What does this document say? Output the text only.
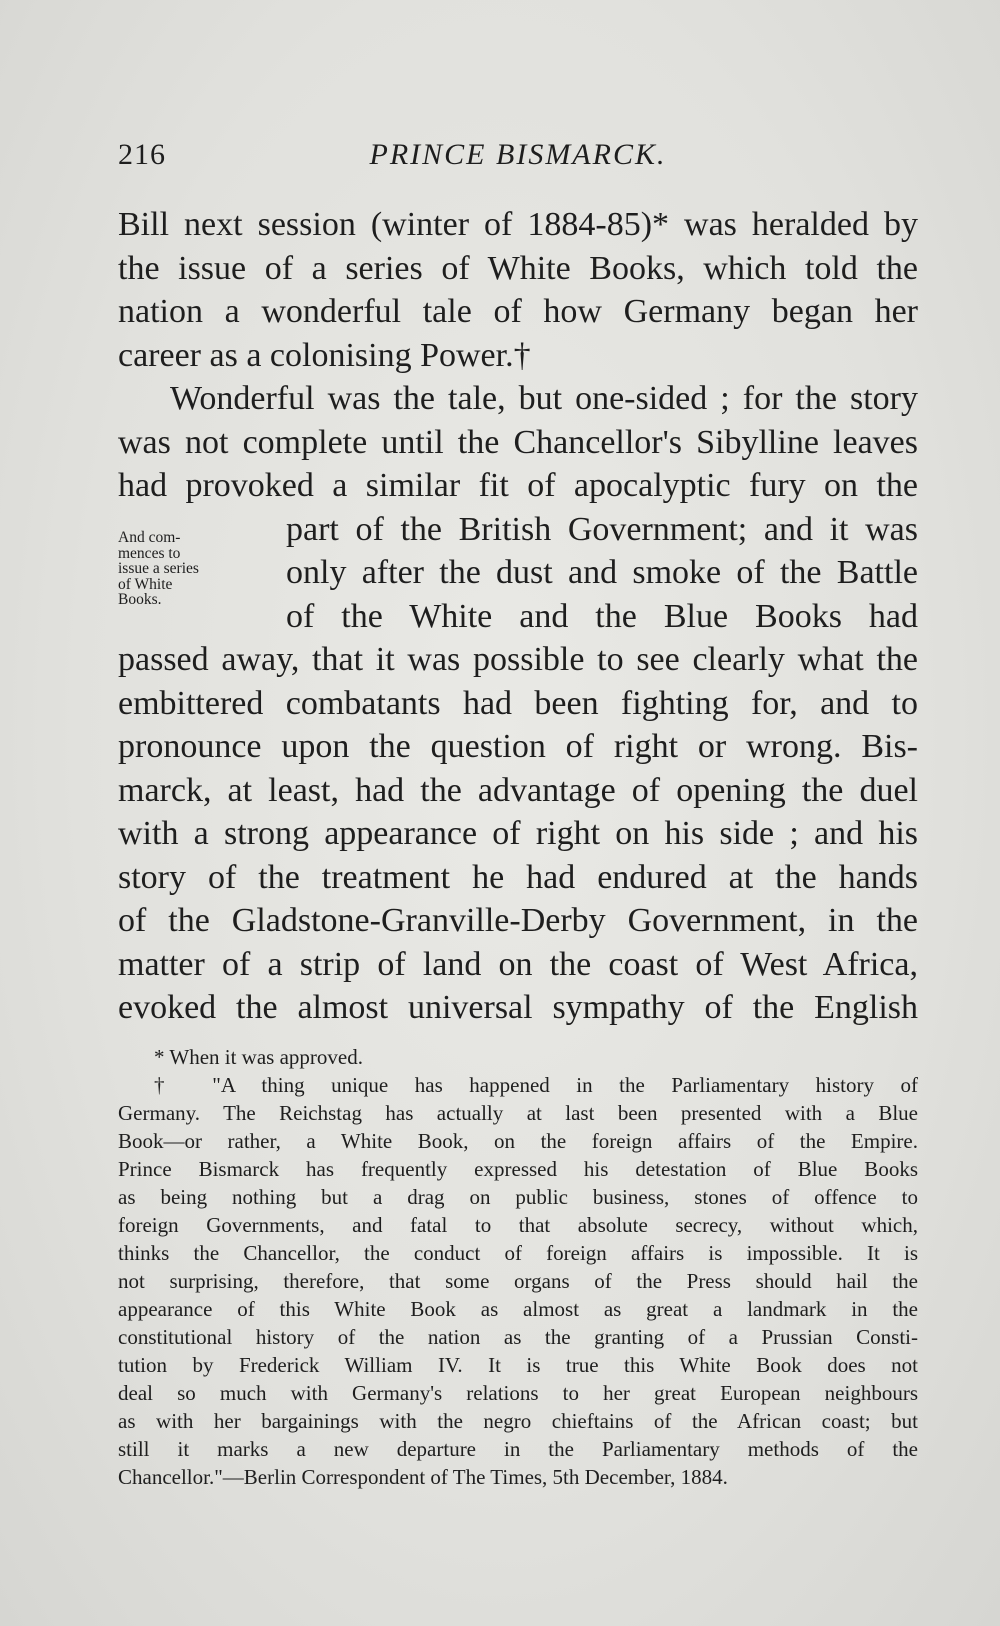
216	PRINCE BISMARCK.
Bill next session (winter of 1884-85)* was heralded by
the issue of a series of White Books, which told the
nation a wonderful tale of how Germany began her
career as a colonising Power.†
Wonderful was the tale, but one-sided ; for the story
was not complete until the Chancellor's Sibylline leaves
had provoked a similar fit of apocalyptic fury on the
part of the British Government; and it was
only after the dust and smoke of the Battle
of the White and the Blue Books had
passed away, that it was possible to see clearly what the
embittered combatants had been fighting for, and to
pronounce upon the question of right or wrong. Bis-
marck, at least, had the advantage of opening the duel
with a strong appearance of right on his side ; and his
story of the treatment he had endured at the hands
of the Gladstone-Granville-Derby Government, in the
matter of a strip of land on the coast of West Africa,
evoked the almost universal sympathy of the English
And com-
mences to
issue a series
of White
Books.
* When it was approved.
† "A thing unique has happened in the Parliamentary history of
Germany. The Reichstag has actually at last been presented with a Blue
Book—or rather, a White Book, on the foreign affairs of the Empire.
Prince Bismarck has frequently expressed his detestation of Blue Books
as being nothing but a drag on public business, stones of offence to
foreign Governments, and fatal to that absolute secrecy, without which,
thinks the Chancellor, the conduct of foreign affairs is impossible. It is
not surprising, therefore, that some organs of the Press should hail the
appearance of this White Book as almost as great a landmark in the
constitutional history of the nation as the granting of a Prussian Consti-
tution by Frederick William IV. It is true this White Book does not
deal so much with Germany's relations to her great European neighbours
as with her bargainings with the negro chieftains of the African coast; but
still it marks a new departure in the Parliamentary methods of the
Chancellor."—Berlin Correspondent of The Times, 5th December, 1884.
